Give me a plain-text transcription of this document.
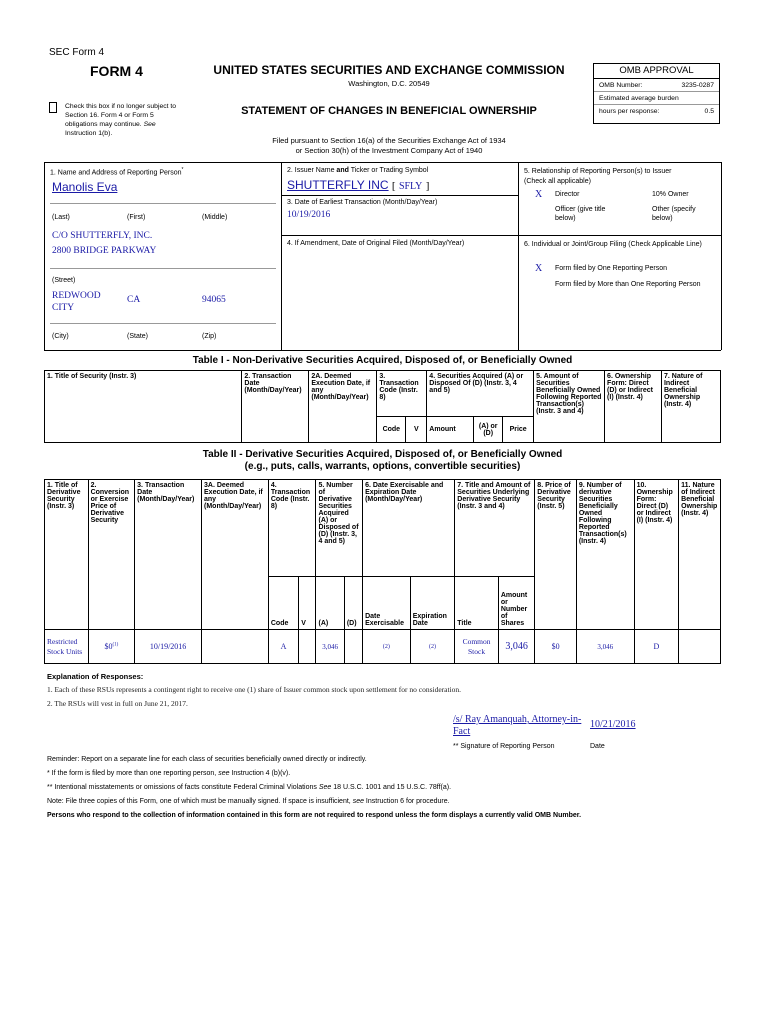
SEC Form 4
FORM 4	UNITED STATES SECURITIES AND EXCHANGE COMMISSION
Washington, D.C. 20549
Check this box if no longer subject to
Section 16. Form 4 or Form 5
obligations may continue. See
Instruction 1(b).
STATEMENT OF CHANGES IN BENEFICIAL OWNERSHIP
Filed pursuant to Section 16(a) of the Securities Exchange Act of 1934
or Section 30(h) of the Investment Company Act of 1940
OMB APPROVAL
OMB Number:	3235-0287
Estimated average burden
hours per response:	0.5
1. Name and Address of Reporting Person*
Manolis Eva
(Last)	(First)	(Middle)
C/O SHUTTERFLY, INC.
2800 BRIDGE PARKWAY
(Street)
REDWOOD CITY
CA	94065
(City)	(State)	(Zip)
2. Issuer Name and Ticker or Trading Symbol
SHUTTERFLY INC [ SFLY ]
3. Date of Earliest Transaction (Month/Day/Year)
10/19/2016
4. If Amendment, Date of Original Filed (Month/Day/Year)
5. Relationship of Reporting Person(s) to Issuer
(Check all applicable)
X Director	10% Owner
Officer (give title below)
Other (specify below)
6. Individual or Joint/Group Filing (Check Applicable Line)
X Form filed by One Reporting Person
Form filed by More than One Reporting Person
Table I - Non-Derivative Securities Acquired, Disposed of, or Beneficially Owned
1. Title of Security (Instr. 3)	2. Transaction Date (Month/Day/Year)	2A. Deemed Execution Date, if any (Month/Day/Year)	3. Transaction Code (Instr. 8)		4. Securities Acquired (A) or Disposed Of (D) (Instr. 3, 4 and 5)			5. Amount of Securities Beneficially Owned Following Reported Transaction(s) (Instr. 3 and 4)	6. Ownership Form: Direct (D) or Indirect (I) (Instr. 4)	7. Nature of Indirect Beneficial Ownership (Instr. 4)
			Code	V	Amount	(A) or (D)	Price			
Table II - Derivative Securities Acquired, Disposed of, or Beneficially Owned
(e.g., puts, calls, warrants, options, convertible securities)
1. Title of Derivative Security (Instr. 3)	2. Conversion or Exercise Price of Derivative Security	3. Transaction Date (Month/Day/Year)	3A. Deemed Execution Date, if any (Month/Day/Year)	4. Transaction Code (Instr. 8)		5. Number of Derivative Securities Acquired (A) or Disposed of (D) (Instr. 3, 4 and 5)		6. Date Exercisable and Expiration Date (Month/Day/Year)		7. Title and Amount of Securities Underlying Derivative Security (Instr. 3 and 4)		8. Price of Derivative Security (Instr. 5)	9. Number of derivative Securities Beneficially Owned Following Reported Transaction(s) (Instr. 4)	10. Ownership Form: Direct (D) or Indirect (I) (Instr. 4)	11. Nature of Indirect Beneficial Ownership (Instr. 4)
				Code	V	(A)	(D)	Date Exercisable	Expiration Date	Title	Amount or Number of Shares				
Restricted Stock Units	$0$^{(1)}$	10/19/2016		A		3,046		(2)	(2)	Common Stock	3,046	$0	3,046	D	
Explanation of Responses:
1. Each of these RSUs represents a contingent right to receive one (1) share of Issuer common stock upon settlement for no consideration.
2. The RSUs will vest in full on June 21, 2017.
/s/ Ray Amanquah, Attorney-in-Fact
10/21/2016
** Signature of Reporting Person	Date
Reminder: Report on a separate line for each class of securities beneficially owned directly or indirectly.
* If the form is filed by more than one reporting person, see Instruction 4 (b)(v).
** Intentional misstatements or omissions of facts constitute Federal Criminal Violations See 18 U.S.C. 1001 and 15 U.S.C. 78ff(a).
Note: File three copies of this Form, one of which must be manually signed. If space is insufficient, see Instruction 6 for procedure.
Persons who respond to the collection of information contained in this form are not required to respond unless the form displays a currently valid OMB Number.
